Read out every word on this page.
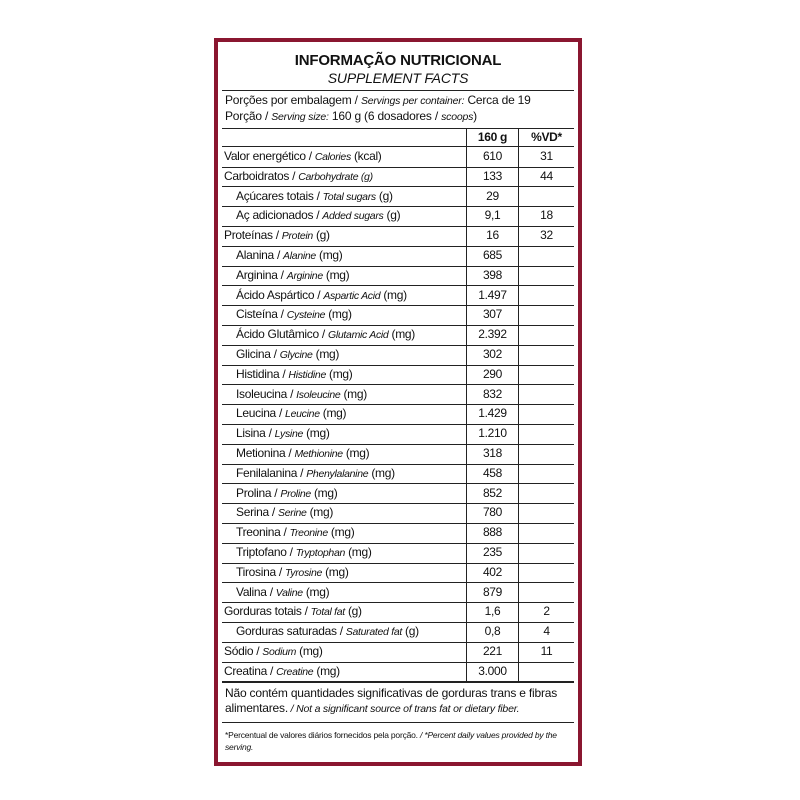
INFORMAÇÃO NUTRICIONAL
SUPPLEMENT FACTS
Porções por embalagem / Servings per container: Cerca de 19
Porção / Serving size: 160 g (6 dosadores / scoops)
160 g	%VD*
Valor energético / Calories (kcal)	610	31
Carboidratos / Carbohydrate (g)	133	44
Açúcares totais / Total sugars (g)	29
Aç adicionados / Added sugars (g)	9,1	18
Proteínas / Protein (g)	16	32
Alanina / Alanine (mg)	685
Arginina / Arginine (mg)	398
Ácido Aspártico / Aspartic Acid (mg)	1.497
Cisteína / Cysteine (mg)	307
Ácido Glutâmico / Glutamic Acid (mg)	2.392
Glicina / Glycine (mg)	302
Histidina / Histidine (mg)	290
Isoleucina / Isoleucine (mg)	832
Leucina / Leucine (mg)	1.429
Lisina / Lysine (mg)	1.210
Metionina / Methionine (mg)	318
Fenilalanina / Phenylalanine (mg)	458
Prolina / Proline (mg)	852
Serina / Serine (mg)	780
Treonina / Treonine (mg)	888
Triptofano / Tryptophan (mg)	235
Tirosina / Tyrosine (mg)	402
Valina / Valine (mg)	879
Gorduras totais / Total fat (g)	1,6	2
Gorduras saturadas / Saturated fat (g)	0,8	4
Sódio / Sodium (mg)	221	11
Creatina / Creatine (mg)	3.000
Não contém quantidades significativas de gorduras trans e fibras alimentares. / Not a significant source of trans fat or dietary fiber.
*Percentual de valores diários fornecidos pela porção. / *Percent daily values provided by the serving.
